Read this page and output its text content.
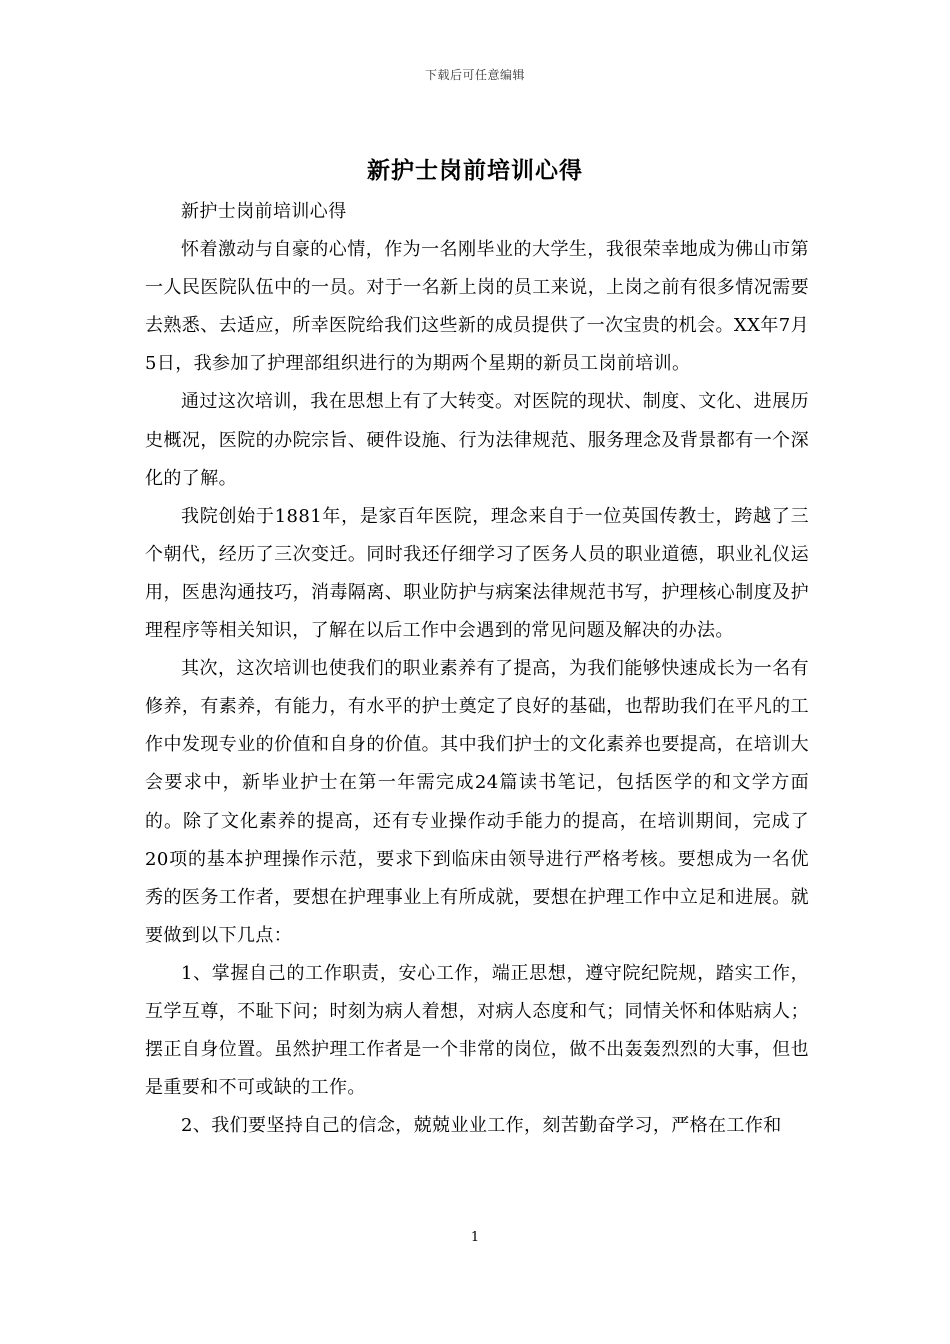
下载后可任意编辑
新护士岗前培训心得

新护士岗前培训心得

怀着激动与自豪的心情，作为一名刚毕业的大学生，我很荣幸地成为佛山市第一人民医院队伍中的一员。对于一名新上岗的员工来说，上岗之前有很多情况需要去熟悉、去适应，所幸医院给我们这些新的成员提供了一次宝贵的机会。XX年7月5日，我参加了护理部组织进行的为期两个星期的新员工岗前培训。

通过这次培训，我在思想上有了大转变。对医院的现状、制度、文化、进展历史概况，医院的办院宗旨、硬件设施、行为法律规范、服务理念及背景都有一个深化的了解。

我院创始于1881年，是家百年医院，理念来自于一位英国传教士，跨越了三个朝代，经历了三次变迁。同时我还仔细学习了医务人员的职业道德，职业礼仪运用，医患沟通技巧，消毒隔离、职业防护与病案法律规范书写，护理核心制度及护理程序等相关知识，了解在以后工作中会遇到的常见问题及解决的办法。

其次，这次培训也使我们的职业素养有了提高，为我们能够快速成长为一名有修养，有素养，有能力，有水平的护士奠定了良好的基础，也帮助我们在平凡的工作中发现专业的价值和自身的价值。其中我们护士的文化素养也要提高，在培训大会要求中，新毕业护士在第一年需完成24篇读书笔记，包括医学的和文学方面的。除了文化素养的提高，还有专业操作动手能力的提高，在培训期间，完成了20项的基本护理操作示范，要求下到临床由领导进行严格考核。要想成为一名优秀的医务工作者，要想在护理事业上有所成就，要想在护理工作中立足和进展。就要做到以下几点：

1、掌握自己的工作职责，安心工作，端正思想，遵守院纪院规，踏实工作，互学互尊，不耻下问；时刻为病人着想，对病人态度和气；同情关怀和体贴病人；摆正自身位置。虽然护理工作者是一个非常的岗位，做不出轰轰烈烈的大事，但也是重要和不可或缺的工作。

2、我们要坚持自己的信念，兢兢业业工作，刻苦勤奋学习，严格在工作和

1
